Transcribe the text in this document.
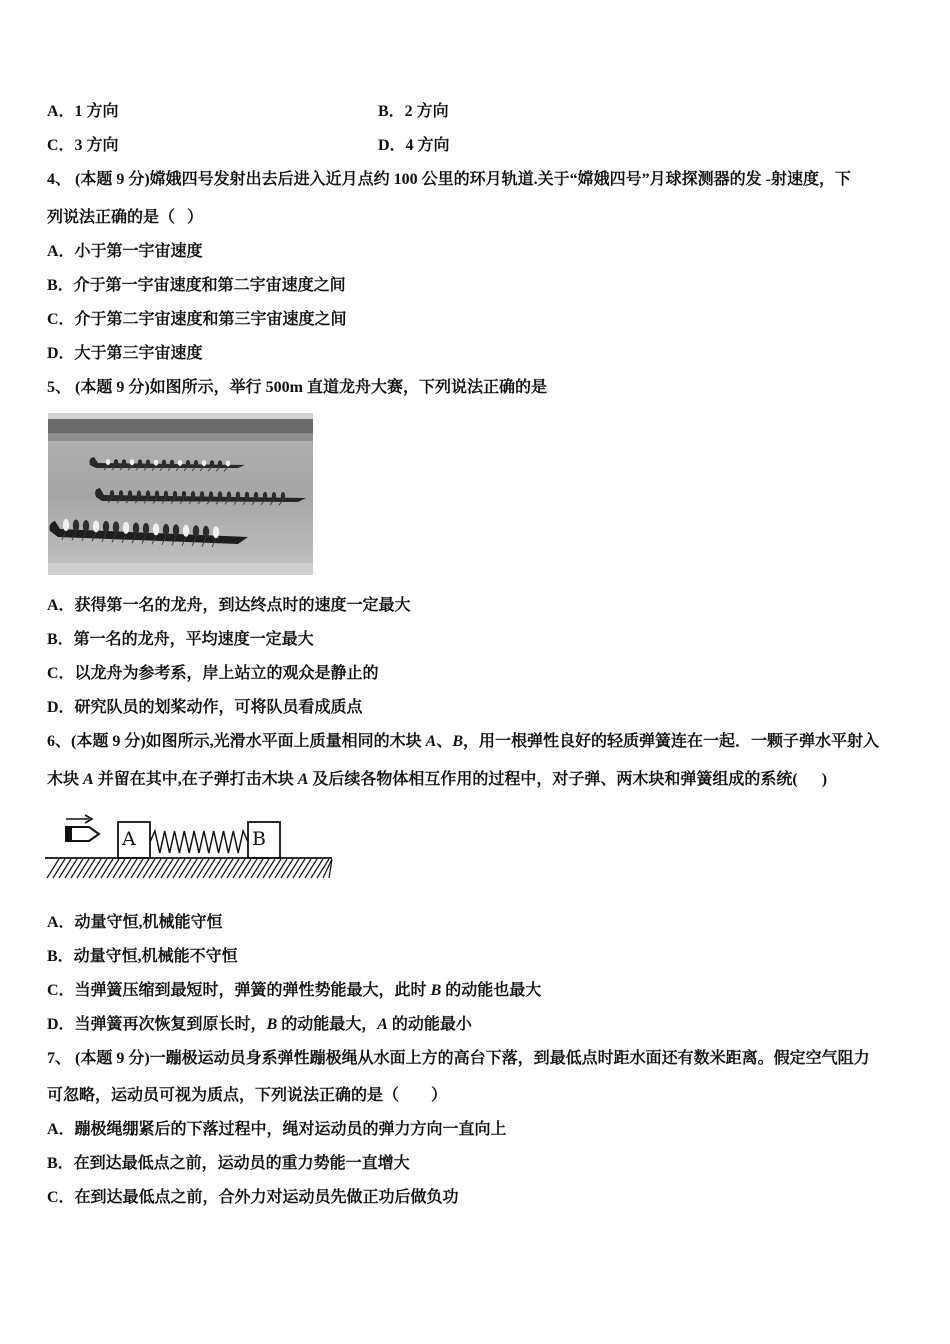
A．1 方向	B．2 方向
C．3 方向	D．4 方向
4、 (本题 9 分)嫦娥四号发射出去后进入近月点约 100 公里的环月轨道.关于“嫦娥四号”月球探测器的发 -射速度，下
列说法正确的是（   ）
A．小于第一宇宙速度
B．介于第一宇宙速度和第二宇宙速度之间
C．介于第二宇宙速度和第三宇宙速度之间
D．大于第三宇宙速度
5、 (本题 9 分)如图所示，举行 500m 直道龙舟大赛，下列说法正确的是
A．获得第一名的龙舟，到达终点时的速度一定最大
B．第一名的龙舟，平均速度一定最大
C．以龙舟为参考系，岸上站立的观众是静止的
D．研究队员的划桨动作，可将队员看成质点
6、(本题 9 分)如图所示,光滑水平面上质量相同的木块 A、B，用一根弹性良好的轻质弹簧连在一起．一颗子弹水平射入
木块 A 并留在其中,在子弹打击木块 A 及后续各物体相互作用的过程中，对子弹、两木块和弹簧组成的系统(      )
A	B
A．动量守恒,机械能守恒
B．动量守恒,机械能不守恒
C．当弹簧压缩到最短时，弹簧的弹性势能最大，此时 B 的动能也最大
D．当弹簧再次恢复到原长时，B 的动能最大，A 的动能最小
7、 (本题 9 分)一蹦极运动员身系弹性蹦极绳从水面上方的高台下落，到最低点时距水面还有数米距离。假定空气阻力
可忽略，运动员可视为质点，下列说法正确的是（        ）
A．蹦极绳绷紧后的下落过程中，绳对运动员的弹力方向一直向上
B．在到达最低点之前，运动员的重力势能一直增大
C．在到达最低点之前，合外力对运动员先做正功后做负功
